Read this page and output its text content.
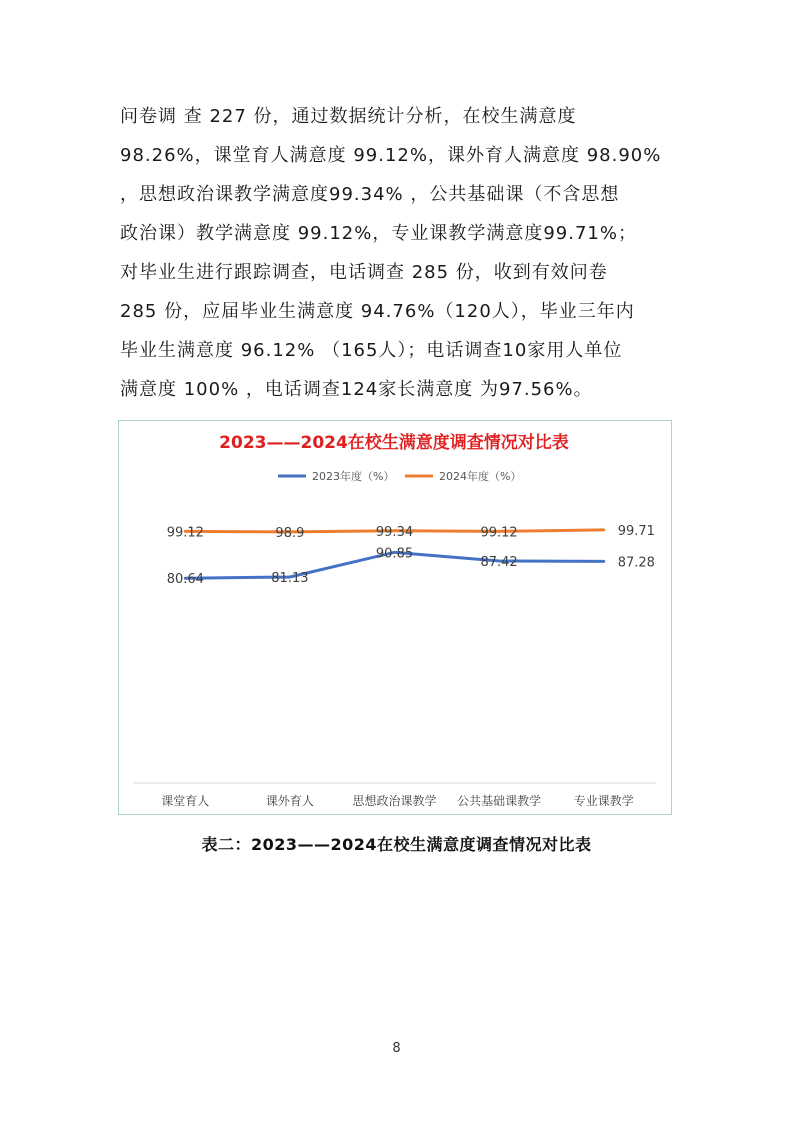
问卷调 查 227 份，通过数据统计分析，在校生满意度
98.26%，课堂育人满意度 99.12%，课外育人满意度 98.90%
，思想政治课教学满意度99.34% ，公共基础课（不含思想
政治课）教学满意度 99.12%，专业课教学满意度99.71%；
对毕业生进行跟踪调查，电话调查 285 份，收到有效问卷
285 份，应届毕业生满意度 94.76%（120人），毕业三年内
毕业生满意度 96.12% （165人）；电话调查10家用人单位
满意度 100% ，电话调查124家长满意度 为97.56%。
2023——2024在校生满意度调查情况对比表
2023年度（%）	2024年度（%）
80.64	81.13
90.85
87.42	87.28
99.12	98.9	99.34	99.12	99.71
课堂育人	课外育人	思想政治课教学 公共基础课教学	专业课教学
表二：2023——2024在校生满意度调查情况对比表
8
